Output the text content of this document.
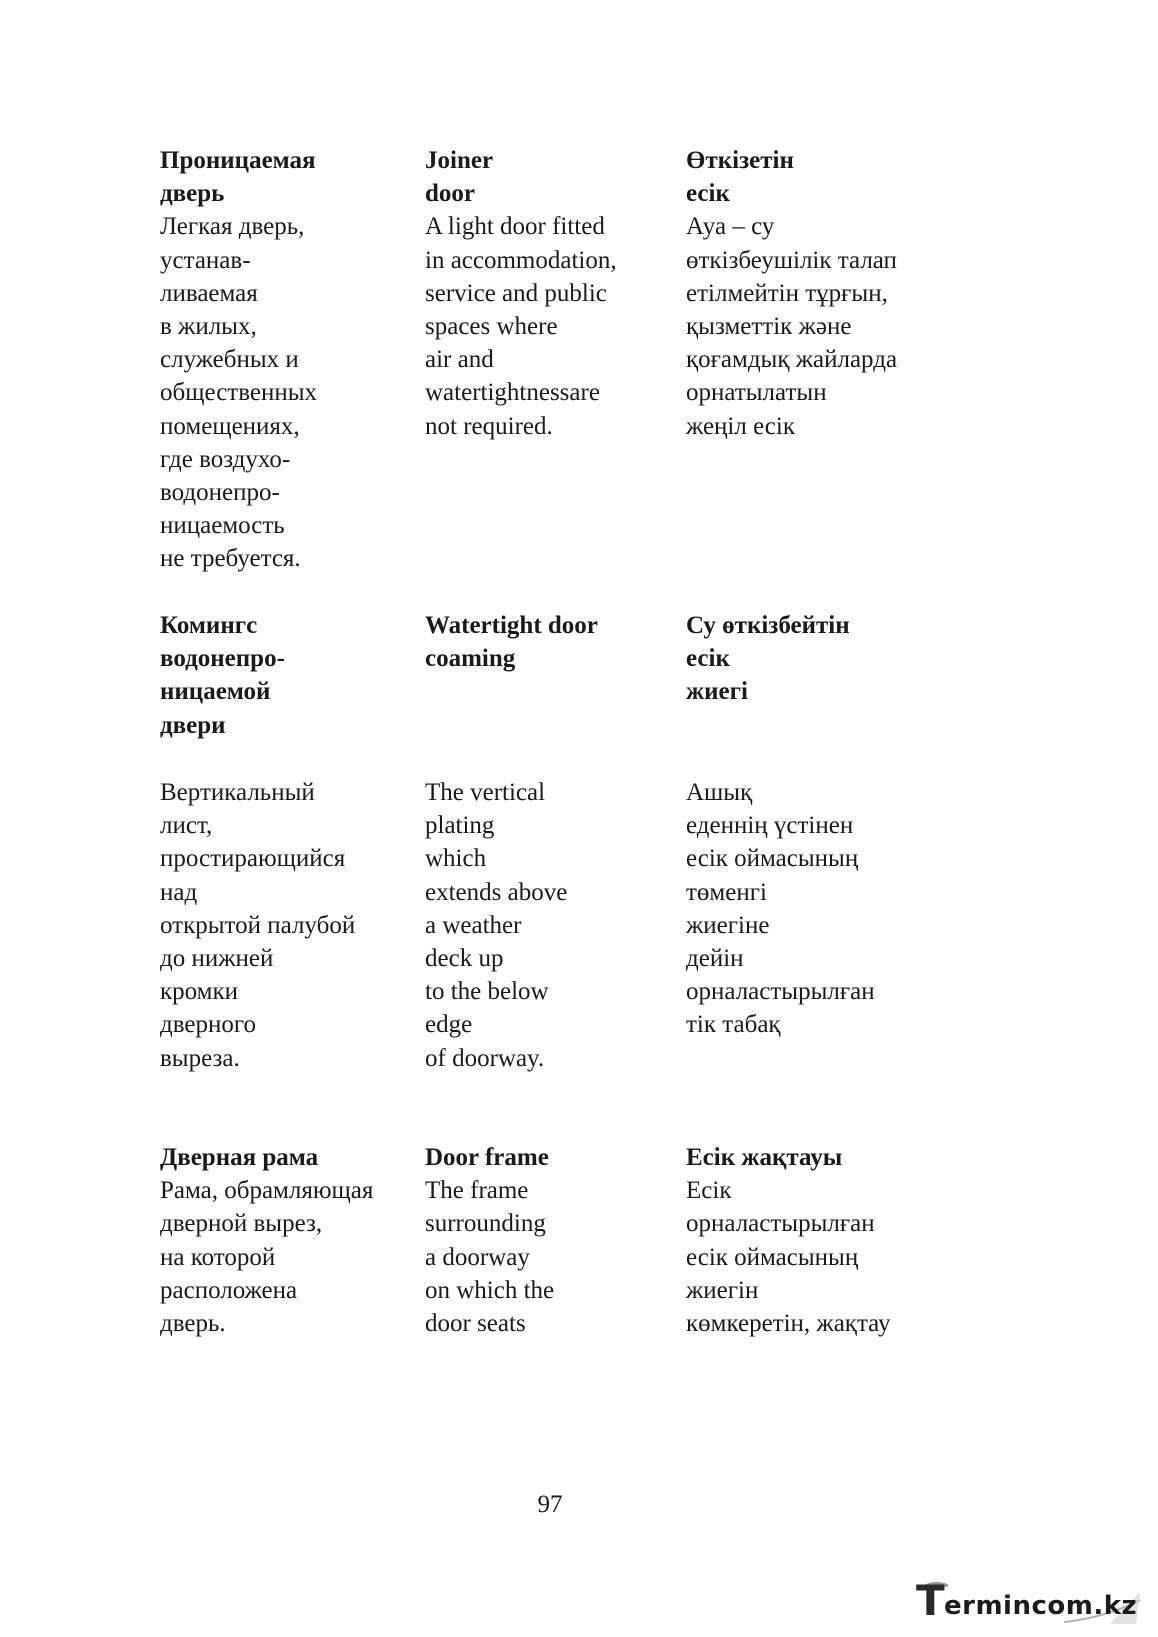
Проницаемая
дверь
Легкая дверь,
устанав-
ливаемая
в жилых,
служебных и
общественных
помещениях,
где воздухо-
водонепро-
ницаемость
не требуется.
Joiner
door
A light door fitted
in accommodation,
service and public
spaces where
air and
watertightnessare
not required.
Өткізетін
есік
Ауа – су
өткізбеушілік талап
етілмейтін тұрғын,
қызметтік және
қоғамдық жайларда
орнатылатын
жеңіл есік
Комингс
водонепро-
ницаемой
двери
Watertight door
coaming
Су өткізбейтін
есік
жиегі
Вертикальный
лист,
простирающийся
над
открытой палубой
до нижней
кромки
дверного
выреза.
The vertical
plating
which
extends above
a weather
deck up
to the below
edge
of doorway.
Ашық
еденнің үстінен
есік оймасының
төменгі
жиегіне
дейін
орналастырылған
тік табақ
Дверная рама
Рама, обрамляющая
дверной вырез,
на которой
расположена
дверь.
Door frame
The frame
surrounding
a doorway
on which the
door seats
Есік жақтауы
Есік
орналастырылған
есік оймасының
жиегін
көмкеретін, жақтау
97
T ermincom.kz
